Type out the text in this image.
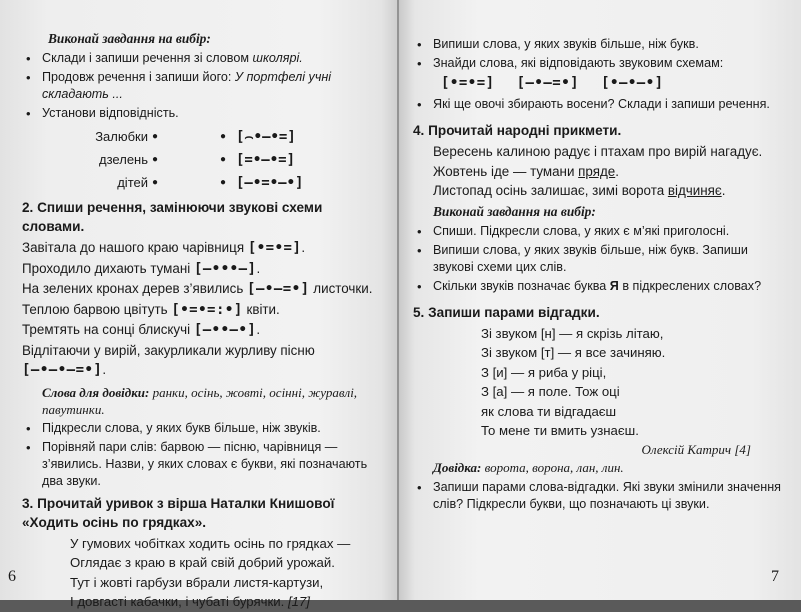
Виконай завдання на вибір:

• Склади і запиши речення зі словом школярі.
• Продовж речення і запиши його: У портфелі учні складають ...
• Установи відповідність.
Залюбки ●	● [⌢•–•=]
дзелень ●	● [=•–•=]
дітей ●	● [–•=•–•]

2. Спиши речення, замінюючи звукові схеми словами.

Завітала до нашого краю чарівниця [•=•=].

Проходило дихають тумані [–•••–].

На зелених кронах дерев з’явились [–•–=•] листочки.

Теплою барвою цвітуть [•=•=:•] квіти.

Тремтять на сонці блискучі [–••–•].

Відлітаючи у вирій, закурликали журливу пісню

[–•–•–=•].

Слова для довідки: ранки, осінь, жовті, осінні, журавлі, павутинки.

• Підкресли слова, у яких букв більше, ніж звуків.
• Порівняй пари слів: барвою — пісню, чарівниця — з’явились. Назви, у яких словах є букви, які позначають два звуки.

3. Прочитай уривок з вірша Наталки Книшової «Ходить осінь по грядках».

У гумових чобітках ходить осінь по грядках —

Оглядає з краю в край свій добрий урожай.

Тут і жовті гарбузи вбрали листя-картузи,

І довгасті кабачки, і чубаті бурячки. [17]

6
• Випиши слова, у яких звуків більше, ніж букв.
• Знайди слова, які відповідають звуковим схемам:
[•=•=] [–•–=•] [•–•–•]
• Які ще овочі збирають восени? Склади і запиши речення.

4. Прочитай народні прикмети.

Вересень калиною радує і птахам про вирій нагадує.

Жовтень іде — тумани пряде.

Листопад осінь залишає, зимі ворота відчиняє.

Виконай завдання на вибір:

• Спиши. Підкресли слова, у яких є м’які приголосні.
• Випиши слова, у яких звуків більше, ніж букв. Запиши звукові схеми цих слів.
• Скільки звуків позначає буква Я в підкреслених словах?

5. Запиши парами відгадки.

Зі звуком [н] — я скрізь літаю,

Зі звуком [т] — я все зачиняю.

З [и] — я риба у ріці,

З [а] — я поле. Тож оці

як слова ти відгадаєш

То мене ти вмить узнаєш.

Олексій Катрич [4]

Довідка: ворота, ворона, лан, лин.

• Запиши парами слова-відгадки. Які звуки змінили значення слів? Підкресли букви, що позначають ці звуки.
7
